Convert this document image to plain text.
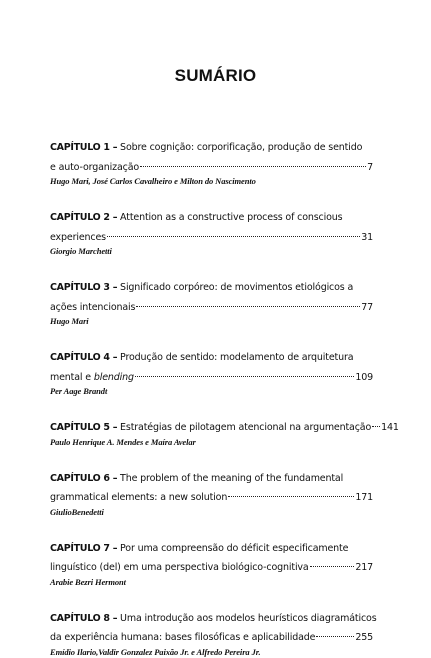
SUMÁRIO
CAPÍTULO 1 – Sobre cognição: corporificação, produção de sentido
e auto-organização	7
Hugo Mari, José Carlos Cavalheiro e Milton do Nascimento
CAPÍTULO 2 – Attention as a constructive process of conscious
experiences	31
Giorgio Marchetti
CAPÍTULO 3 – Significado corpóreo: de movimentos etiológicos a
ações intencionais	77
Hugo Mari
CAPÍTULO 4 – Produção de sentido: modelamento de arquitetura
mental e blending	109
Per Aage Brandt
CAPÍTULO 5 – Estratégias de pilotagem atencional na argumentação 141
Paulo Henrique A. Mendes e Maíra Avelar
CAPÍTULO 6 – The problem of the meaning of the fundamental
grammatical elements: a new solution	171
GiulioBenedetti
CAPÍTULO 7 – Por uma compreensão do déficit especificamente
linguístico (del) em uma perspectiva biológico-cognitiva	217
Arabie Bezri Hermont
CAPÍTULO 8 – Uma introdução aos modelos heurísticos diagramáticos
da experiência humana: bases filosóficas e aplicabilidade	255
Emídio Ilario,Valdir Gonzalez Paixão Jr. e Alfredo Pereira Jr.
